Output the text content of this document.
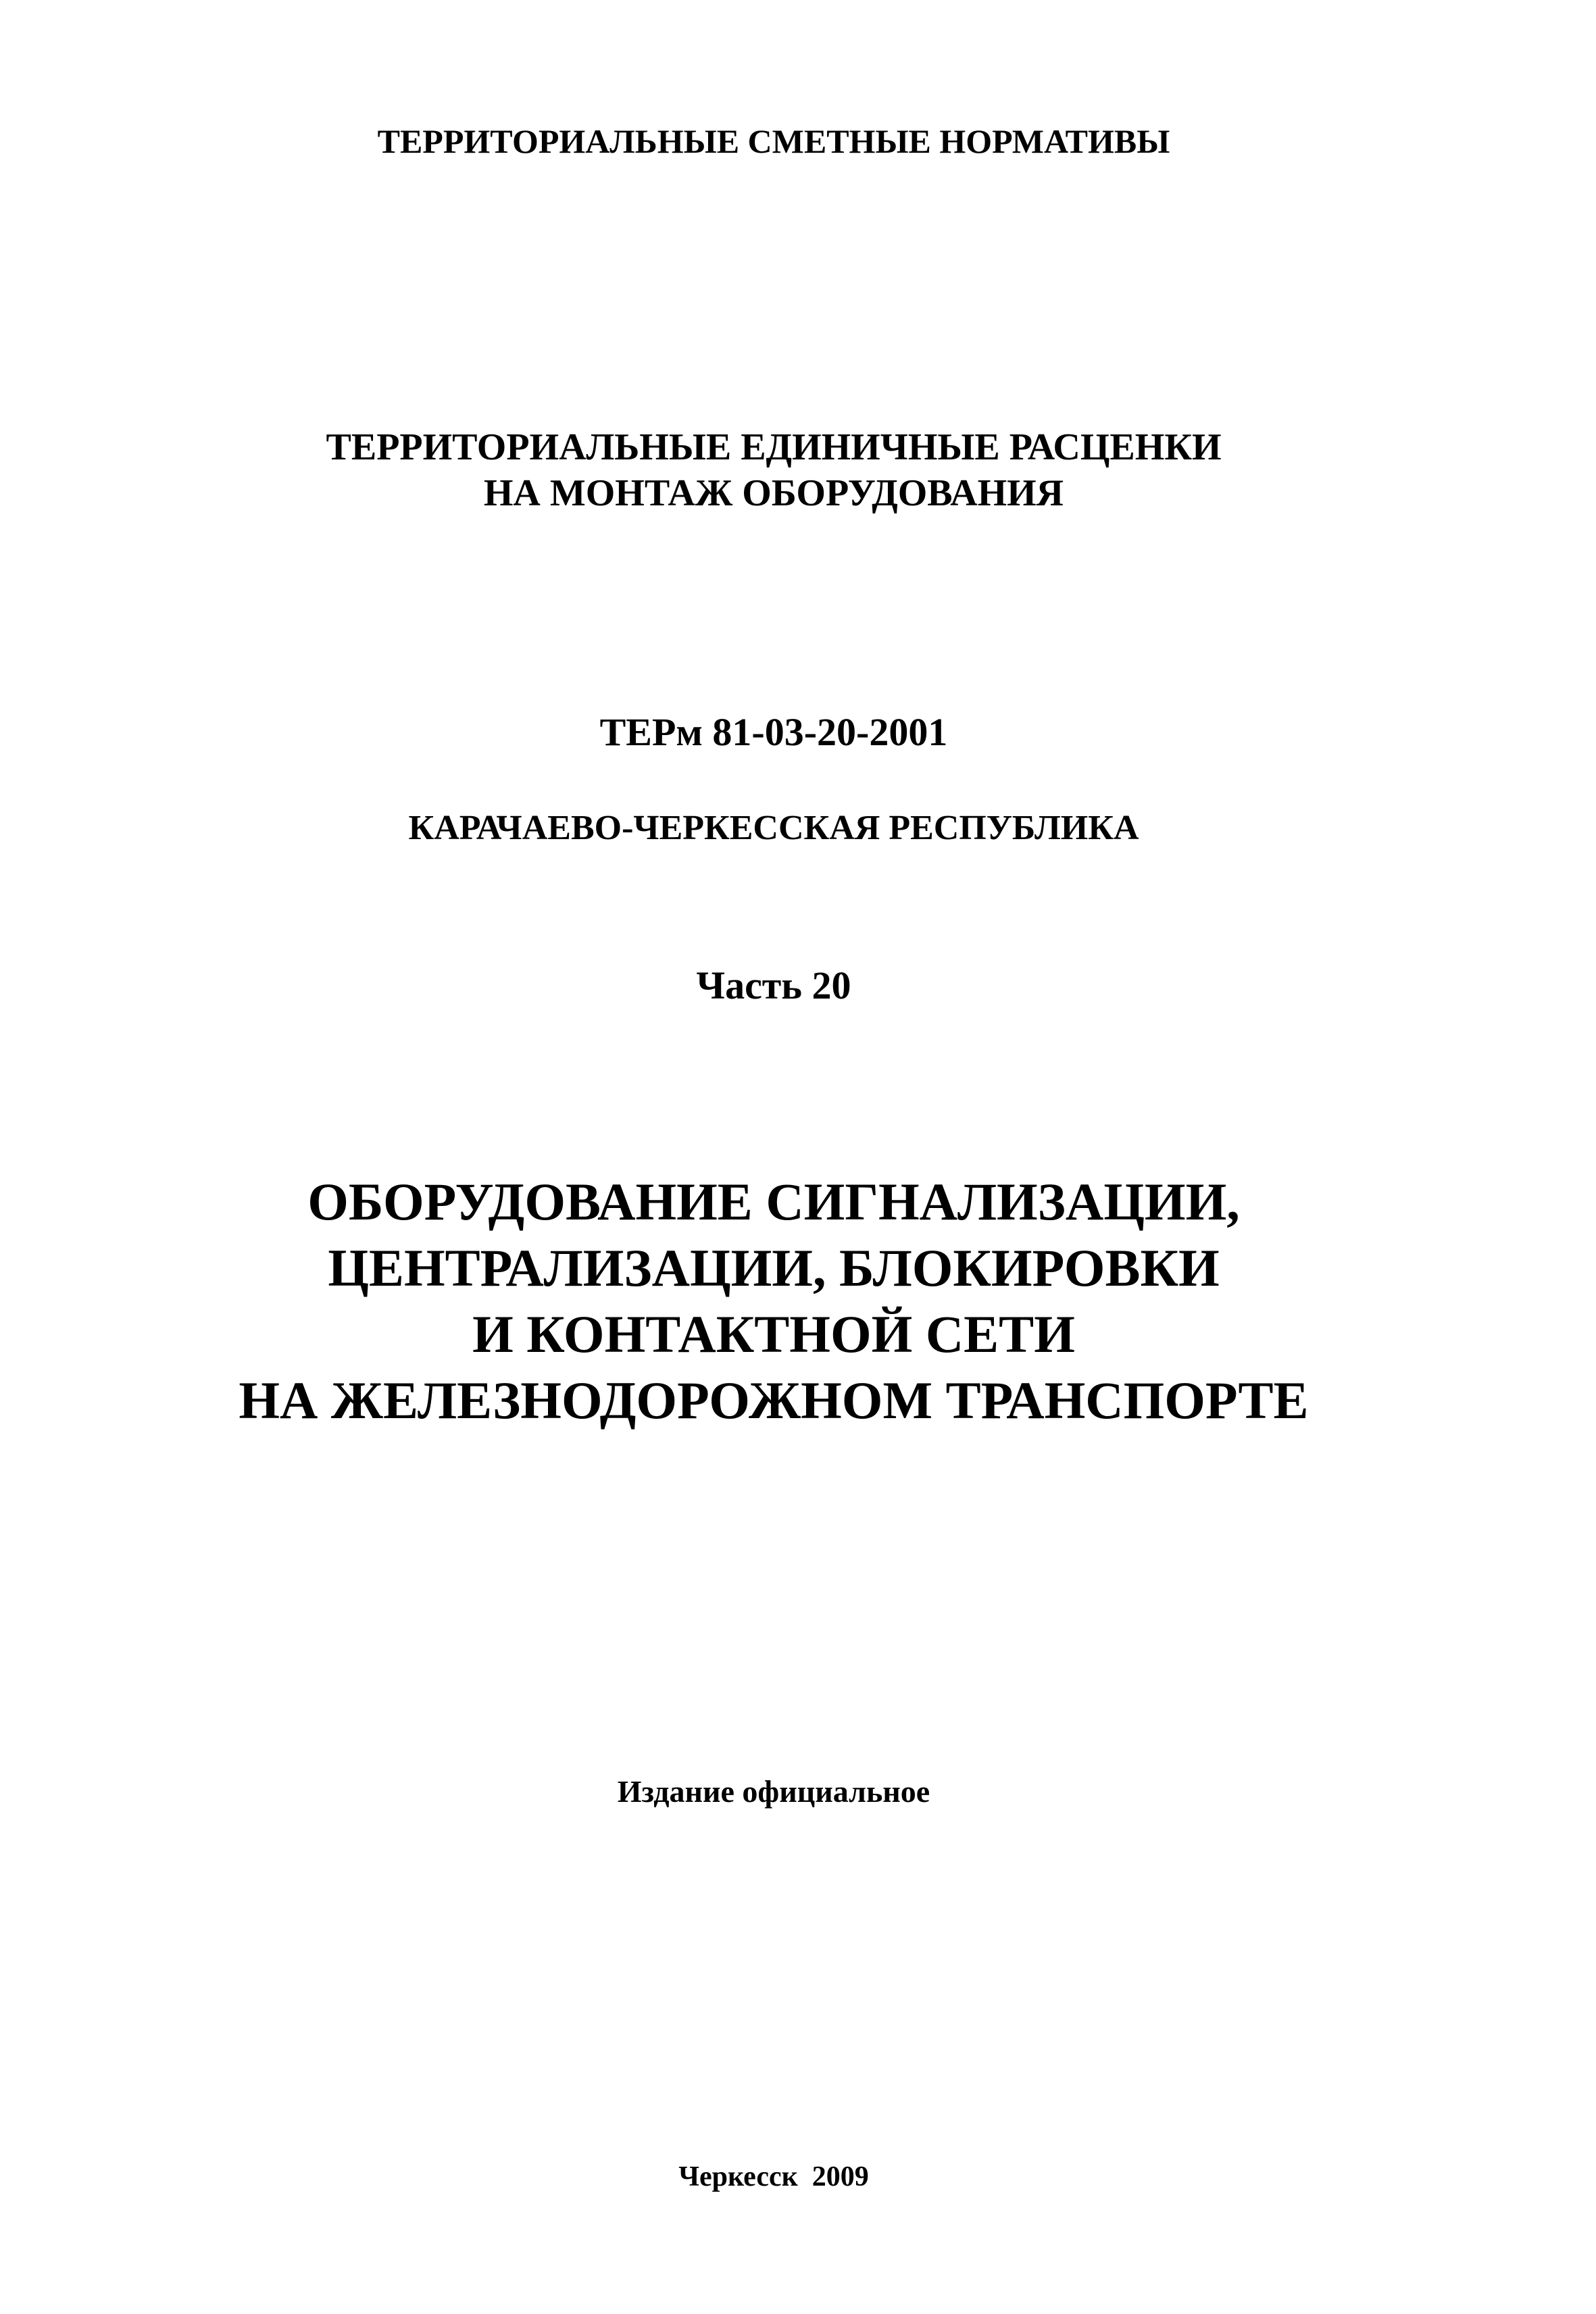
ТЕРРИТОРИАЛЬНЫЕ СМЕТНЫЕ НОРМАТИВЫ
ТЕРРИТОРИАЛЬНЫЕ ЕДИНИЧНЫЕ РАСЦЕНКИ
НА МОНТАЖ ОБОРУДОВАНИЯ
ТЕРм 81-03-20-2001
КАРАЧАЕВО-ЧЕРКЕССКАЯ РЕСПУБЛИКА
Часть 20
ОБОРУДОВАНИЕ СИГНАЛИЗАЦИИ,
ЦЕНТРАЛИЗАЦИИ, БЛОКИРОВКИ
И КОНТАКТНОЙ СЕТИ
НА ЖЕЛЕЗНОДОРОЖНОМ ТРАНСПОРТЕ
Издание официальное
Черкесск  2009
